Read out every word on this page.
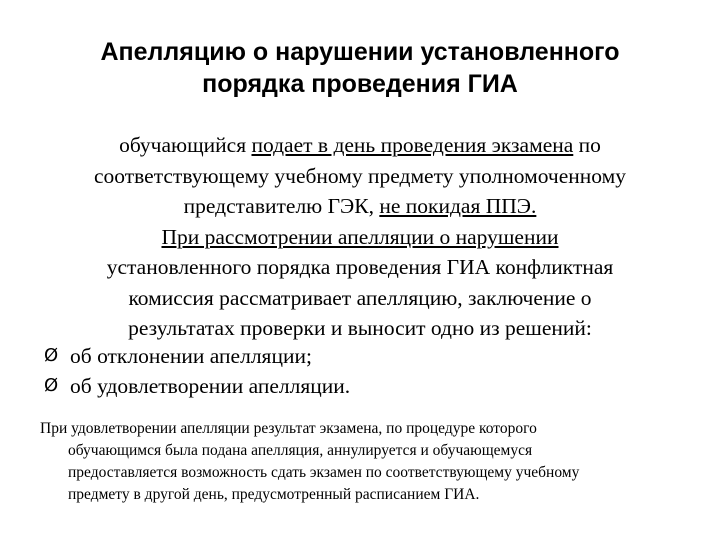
Апелляцию о нарушении установленного
порядка проведения ГИА
обучающийся подает в день проведения экзамена по
соответствующему учебному предмету уполномоченному
представителю ГЭК, не покидая ППЭ.
При рассмотрении апелляции о нарушении
установленного порядка проведения ГИА конфликтная
комиссия рассматривает апелляцию, заключение о
результатах проверки и выносит одно из решений:
Ø об отклонении апелляции;
Ø об удовлетворении апелляции.
При удовлетворении апелляции результат экзамена, по процедуре которого
обучающимся была подана апелляция, аннулируется и обучающемуся
предоставляется возможность сдать экзамен по соответствующему учебному
предмету в другой день, предусмотренный расписанием ГИА.
